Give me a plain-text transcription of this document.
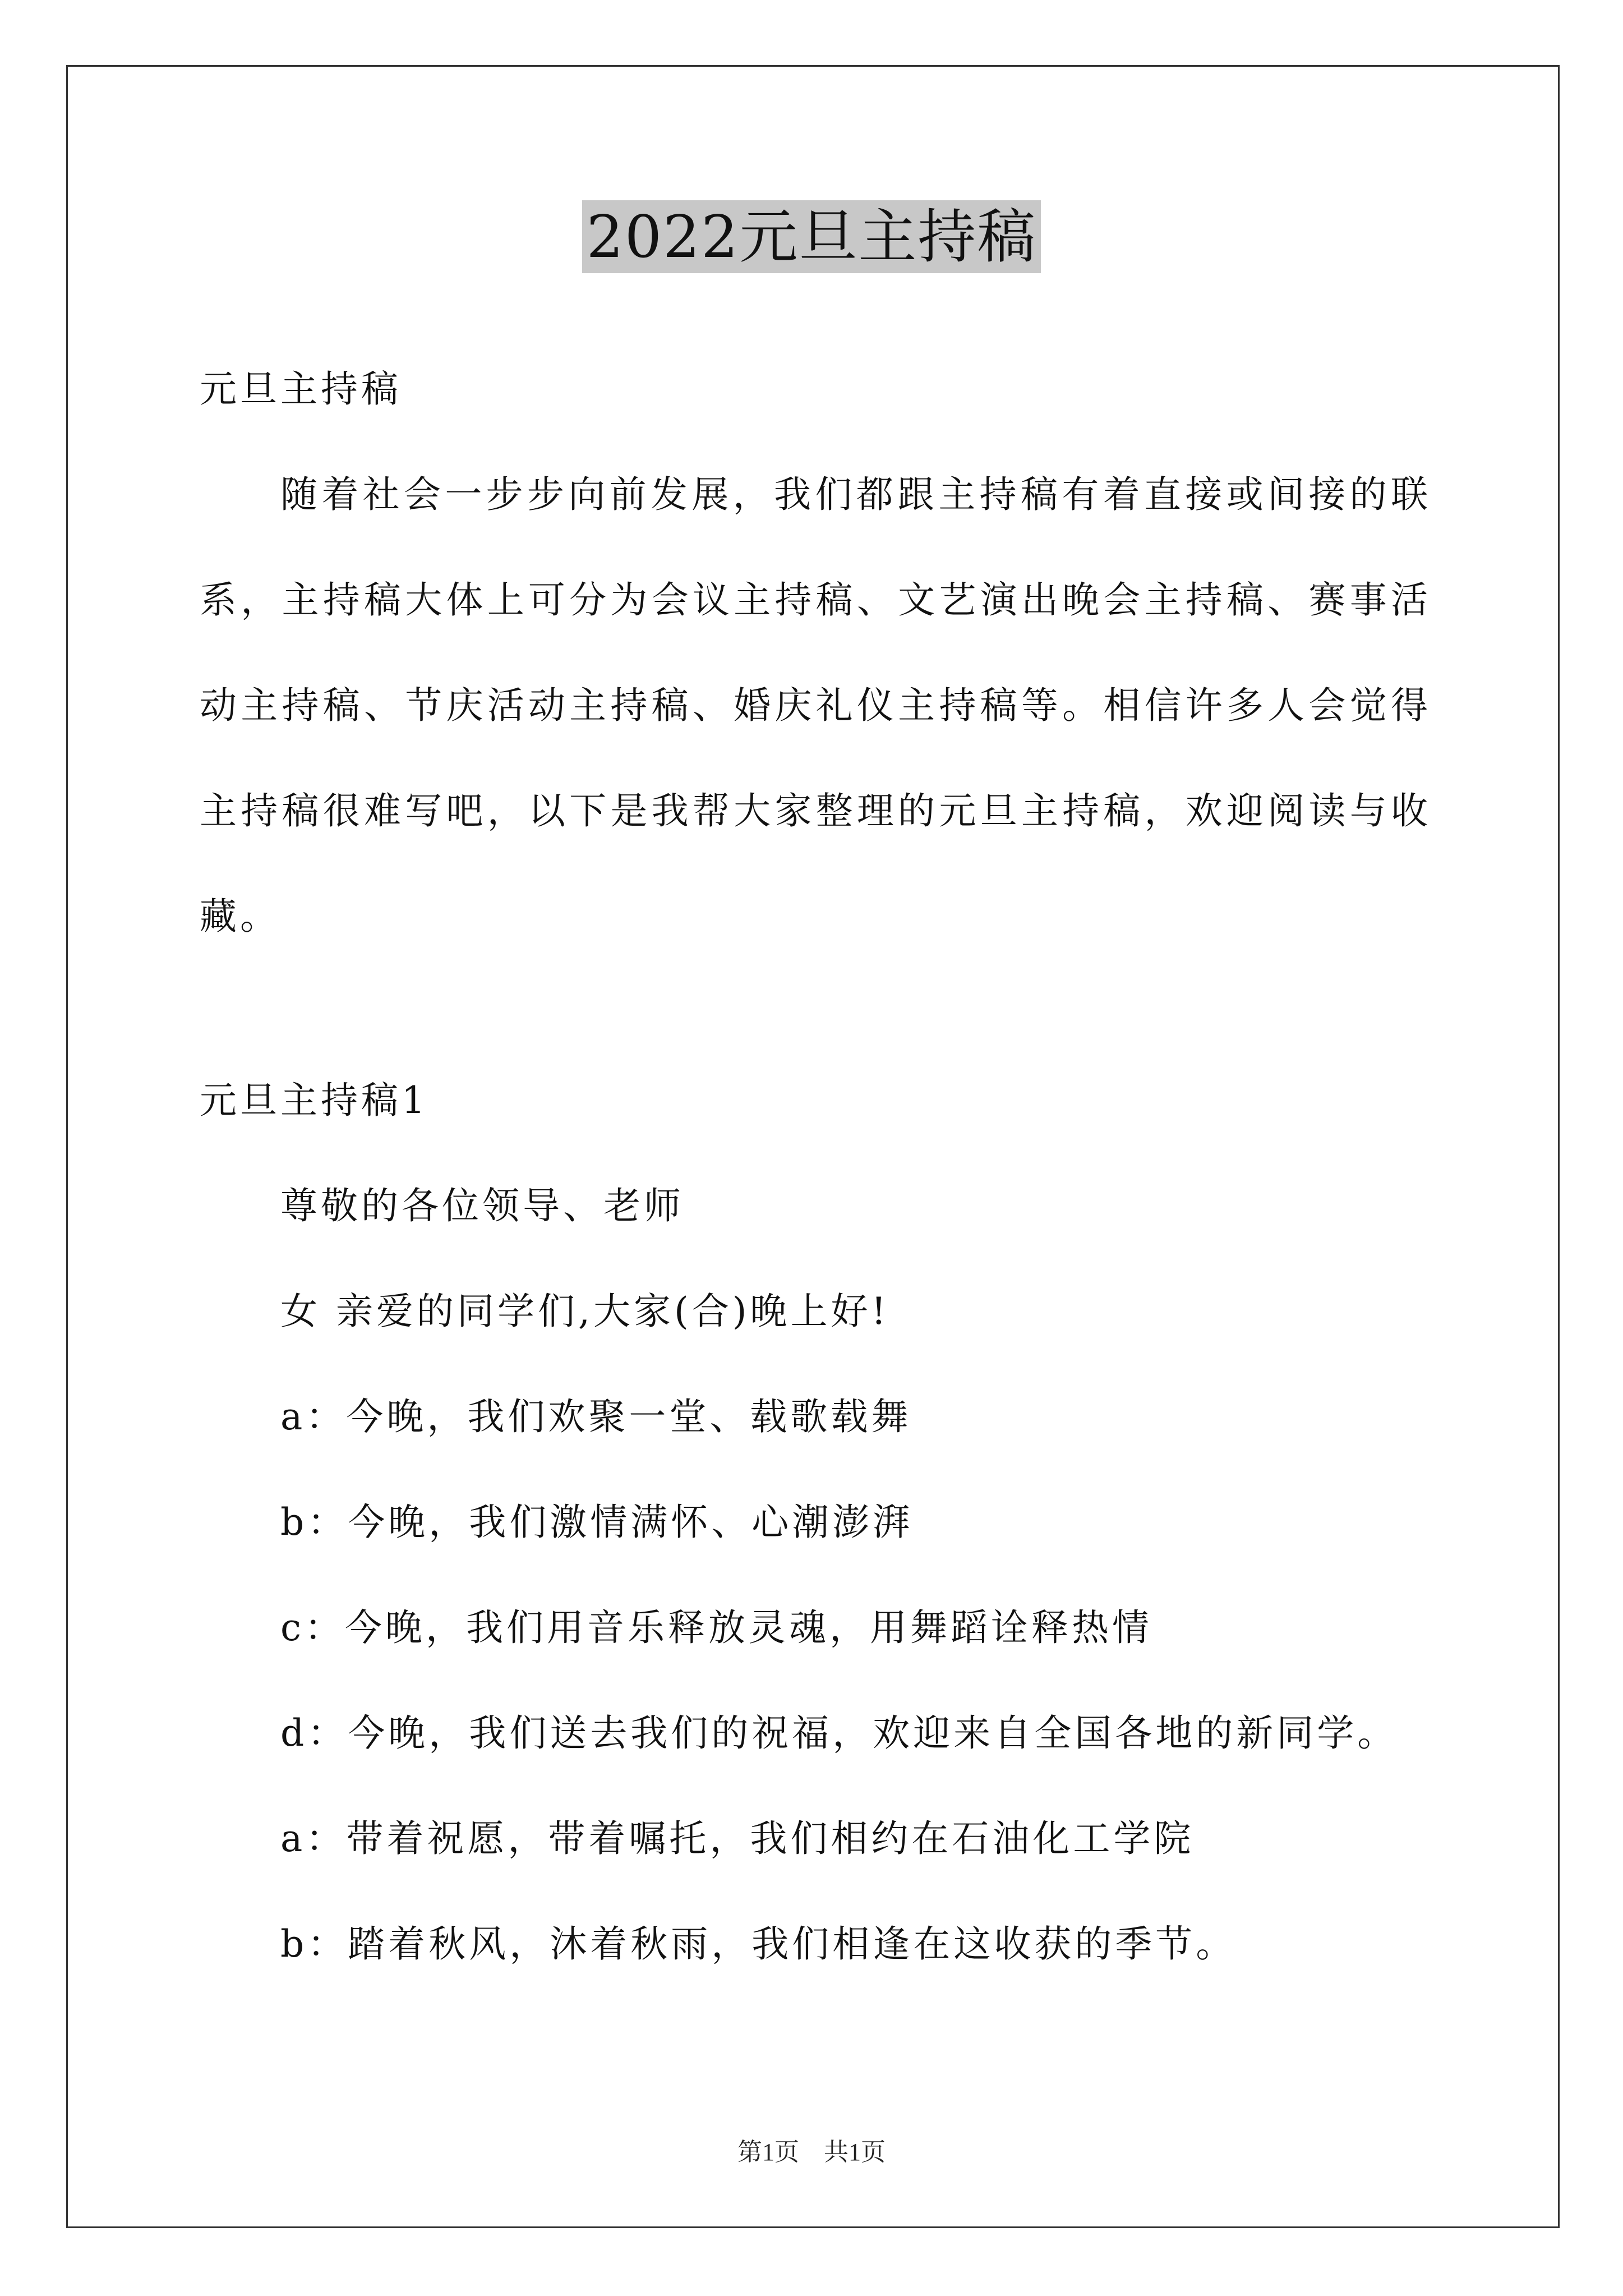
2022元旦主持稿

元旦主持稿

随着社会一步步向前发展，我们都跟主持稿有着直接或间接的联系，主持稿大体上可分为会议主持稿、文艺演出晚会主持稿、赛事活动主持稿、节庆活动主持稿、婚庆礼仪主持稿等。相信许多人会觉得主持稿很难写吧，以下是我帮大家整理的元旦主持稿，欢迎阅读与收藏。

元旦主持稿1

尊敬的各位领导、老师

女 亲爱的同学们,大家(合)晚上好!

a：今晚，我们欢聚一堂、载歌载舞

b：今晚，我们激情满怀、心潮澎湃

c：今晚，我们用音乐释放灵魂，用舞蹈诠释热情

d：今晚，我们送去我们的祝福，欢迎来自全国各地的新同学。

a：带着祝愿，带着嘱托，我们相约在石油化工学院

b：踏着秋风，沐着秋雨，我们相逢在这收获的季节。

第1页 共1页
